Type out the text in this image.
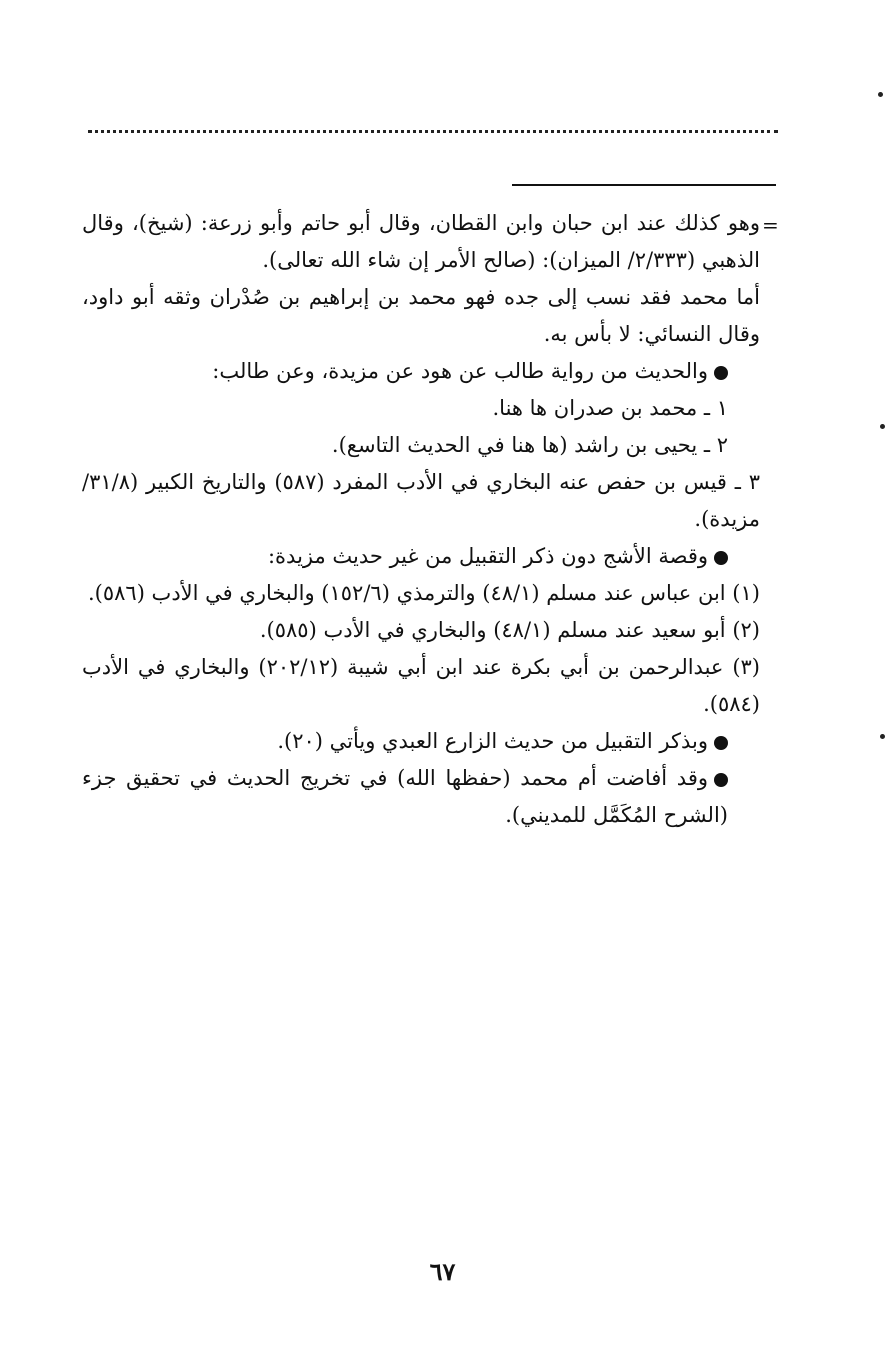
=

وهو كذلك عند ابن حبان وابن القطان، وقال أبو حاتم وأبو زرعة: (شيخ)، وقال الذهبي (٢/٣٣٣/ الميزان): (صالح الأمر إن شاء الله تعالى).

أما محمد فقد نسب إلى جده فهو محمد بن إبراهيم بن صُدْران وثقه أبو داود، وقال النسائي: لا بأس به.

والحديث من رواية طالب عن هود عن مزيدة، وعن طالب:

١ ـ محمد بن صدران ها هنا.

٢ ـ يحيى بن راشد (ها هنا في الحديث التاسع).

٣ ـ قيس بن حفص عنه البخاري في الأدب المفرد (٥٨٧) والتاريخ الكبير (٣١/٨/ مزيدة).

وقصة الأشج دون ذكر التقبيل من غير حديث مزيدة:

(١) ابن عباس عند مسلم (٤٨/١) والترمذي (١٥٢/٦) والبخاري في الأدب (٥٨٦).

(٢) أبو سعيد عند مسلم (٤٨/١) والبخاري في الأدب (٥٨٥).

(٣) عبدالرحمن بن أبي بكرة عند ابن أبي شيبة (٢٠٢/١٢) والبخاري في الأدب (٥٨٤).

وبذكر التقبيل من حديث الزارع العبدي ويأتي (٢٠).

وقد أفاضت أم محمد (حفظها الله) في تخريج الحديث في تحقيق جزء (الشرح المُكَمَّل للمديني).

٦٧
